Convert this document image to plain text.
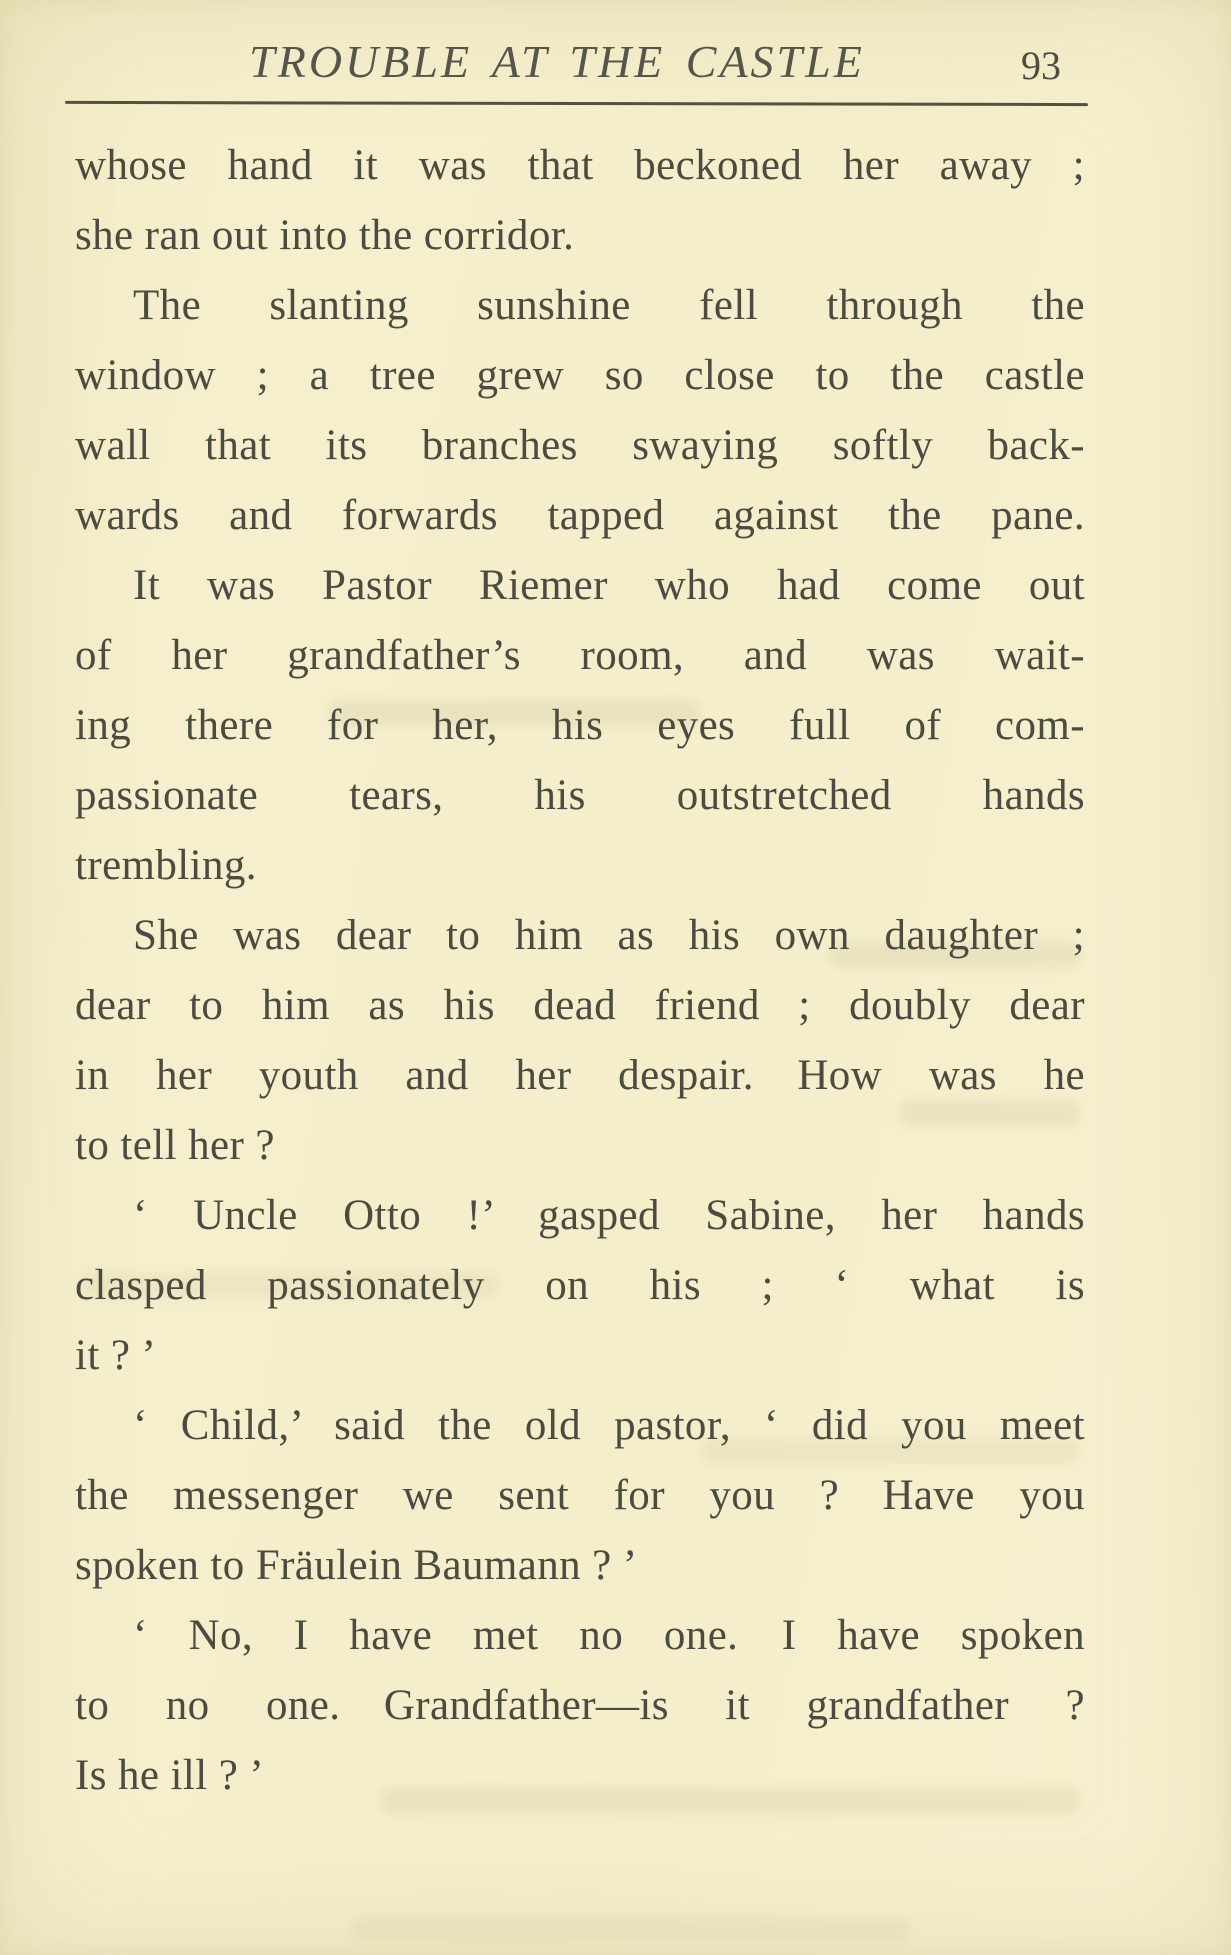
TROUBLE AT THE CASTLE	93
whose hand it was that beckoned her away ;
she ran out into the corridor.
The slanting sunshine fell through the
window ; a tree grew so close to the castle
wall that its branches swaying softly back-
wards and forwards tapped against the pane.
It was Pastor Riemer who had come out
of her grandfather’s room, and was wait-
ing there for her, his eyes full of com-
passionate tears, his outstretched hands
trembling.
She was dear to him as his own daughter ;
dear to him as his dead friend ; doubly dear
in her youth and her despair. How was he
to tell her ?
‘ Uncle Otto !’ gasped Sabine, her hands
clasped passionately on his ; ‘ what is
it ? ’
‘ Child,’ said the old pastor, ‘ did you meet
the messenger we sent for you ? Have you
spoken to Fräulein Baumann ? ’
‘ No, I have met no one. I have spoken
to no one. Grandfather—is it grandfather ?
Is he ill ? ’
